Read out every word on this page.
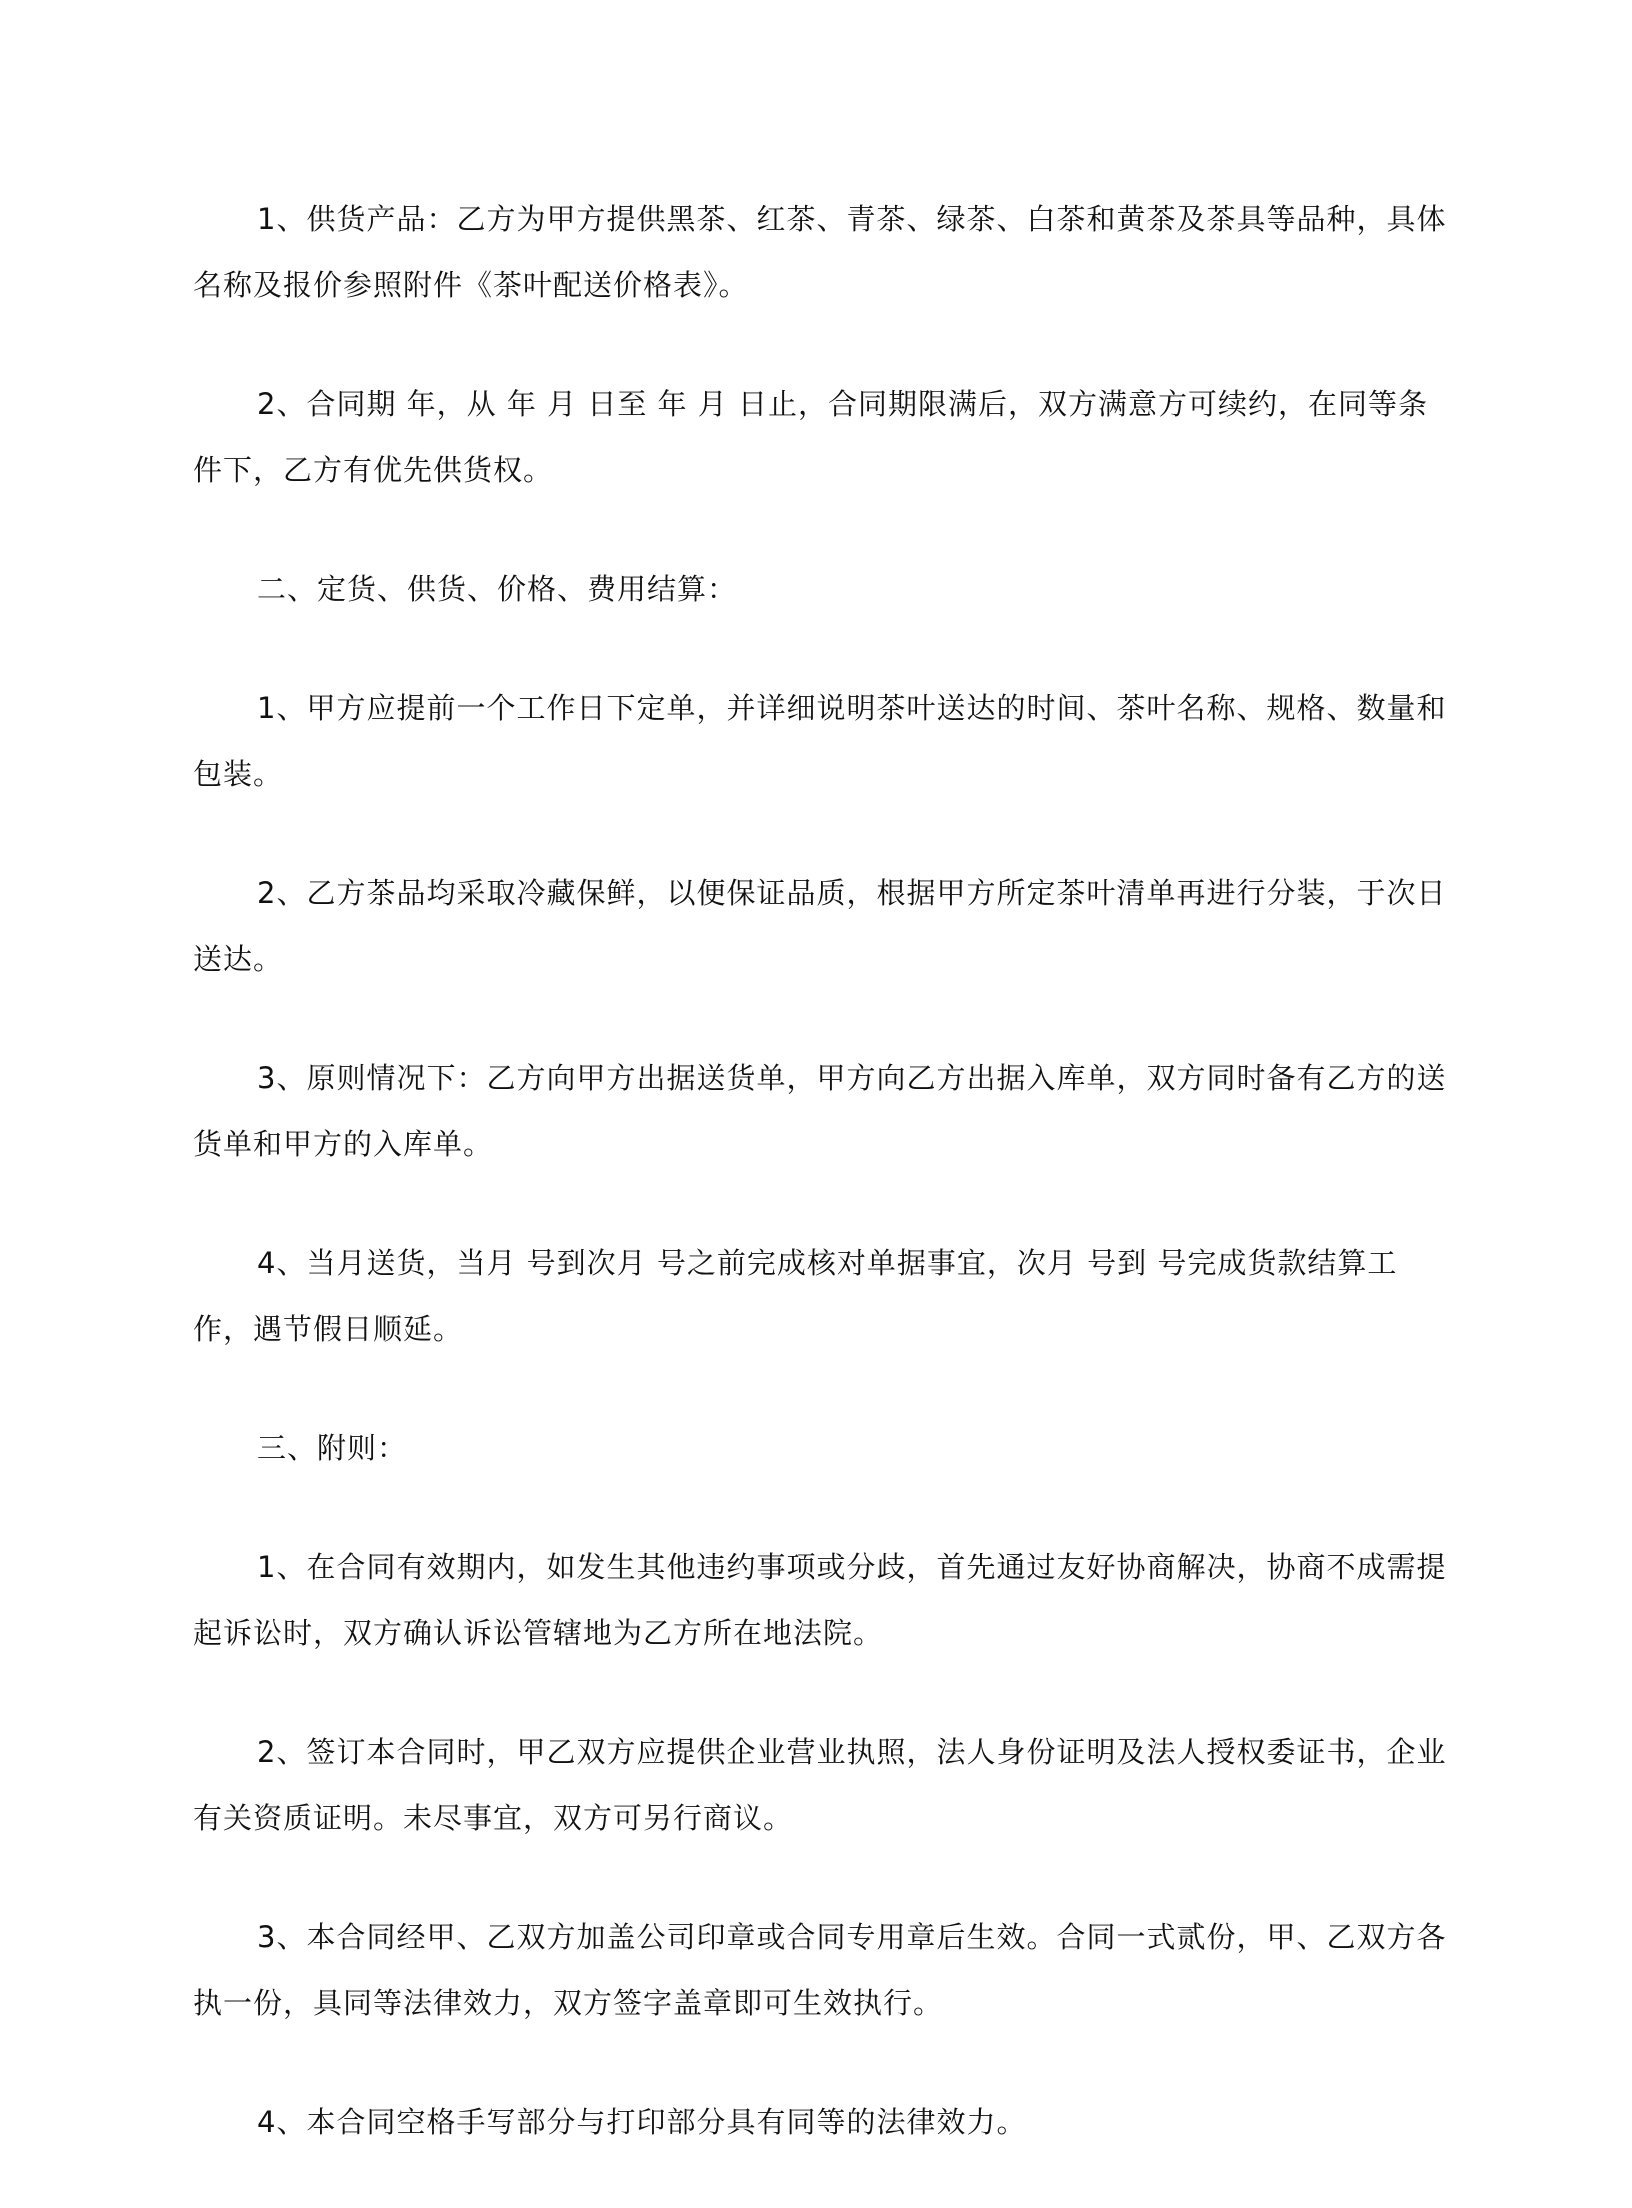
1、供货产品：乙方为甲方提供黑茶、红茶、青茶、绿茶、白茶和黄茶及茶具等品种，具体名称及报价参照附件《茶叶配送价格表》。

2、合同期 年，从 年 月 日至 年 月 日止，合同期限满后，双方满意方可续约，在同等条件下，乙方有优先供货权。

二、定货、供货、价格、费用结算：

1、甲方应提前一个工作日下定单，并详细说明茶叶送达的时间、茶叶名称、规格、数量和包装。

2、乙方茶品均采取冷藏保鲜，以便保证品质，根据甲方所定茶叶清单再进行分装，于次日送达。

3、原则情况下：乙方向甲方出据送货单，甲方向乙方出据入库单，双方同时备有乙方的送货单和甲方的入库单。

4、当月送货，当月 号到次月 号之前完成核对单据事宜，次月 号到 号完成货款结算工作，遇节假日顺延。

三、附则：

1、在合同有效期内，如发生其他违约事项或分歧，首先通过友好协商解决，协商不成需提起诉讼时，双方确认诉讼管辖地为乙方所在地法院。

2、签订本合同时，甲乙双方应提供企业营业执照，法人身份证明及法人授权委证书，企业有关资质证明。未尽事宜，双方可另行商议。

3、本合同经甲、乙双方加盖公司印章或合同专用章后生效。合同一式贰份，甲、乙双方各执一份，具同等法律效力，双方签字盖章即可生效执行。

4、本合同空格手写部分与打印部分具有同等的法律效力。
